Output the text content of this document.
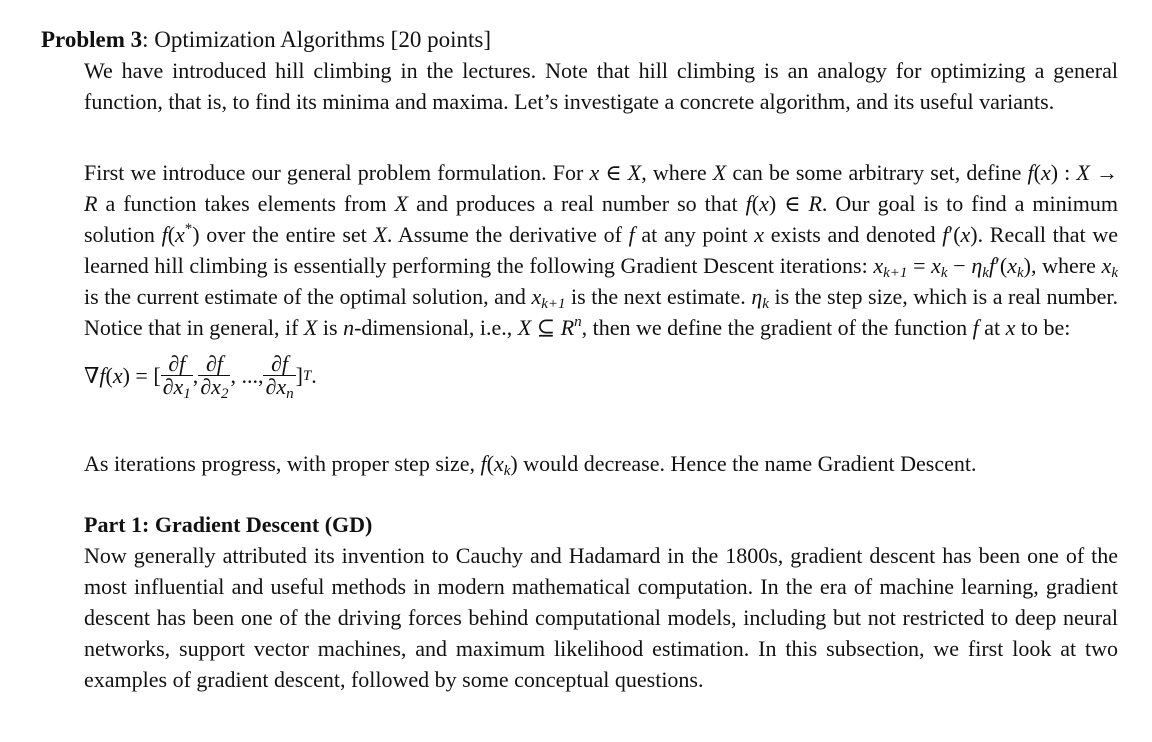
Problem 3: Optimization Algorithms [20 points]

We have introduced hill climbing in the lectures. Note that hill climbing is an analogy for optimizing a general function, that is, to find its minima and maxima. Let’s investigate a concrete algorithm, and its useful variants.

First we introduce our general problem formulation. For x ∈ X, where X can be some arbitrary set, define f(x) : X → R a function takes elements from X and produces a real number so that f(x) ∈ R. Our goal is to find a minimum solution f(x*) over the entire set X. Assume the derivative of f at any point x exists and denoted f′(x). Recall that we learned hill climbing is essentially performing the following Gradient Descent iterations: $x_{k+1} = x_k - \eta_kf'(x_k)$, where $x_k$ is the current estimate of the optimal solution, and $x_{k+1}$ is the next estimate. $\eta_k$ is the step size, which is a real number. Notice that in general, if X is n-dimensional, i.e., X ⊆ $R^n$, then we define the gradient of the function f at x to be:

∇ f ( x ) = [ $\frac{\partial f}{\partial x_1}$ , $\frac{\partial f}{\partial x_2}$ , ..., $\frac{\partial f}{\partial x_n}$ ] T .

As iterations progress, with proper step size, $f(x_k)$ would decrease. Hence the name Gradient Descent.

Part 1: Gradient Descent (GD)

Now generally attributed its invention to Cauchy and Hadamard in the 1800s, gradient descent has been one of the most influential and useful methods in modern mathematical computation. In the era of machine learning, gradient descent has been one of the driving forces behind computational models, including but not restricted to deep neural networks, support vector machines, and maximum likelihood estimation. In this subsection, we first look at two examples of gradient descent, followed by some conceptual questions.
